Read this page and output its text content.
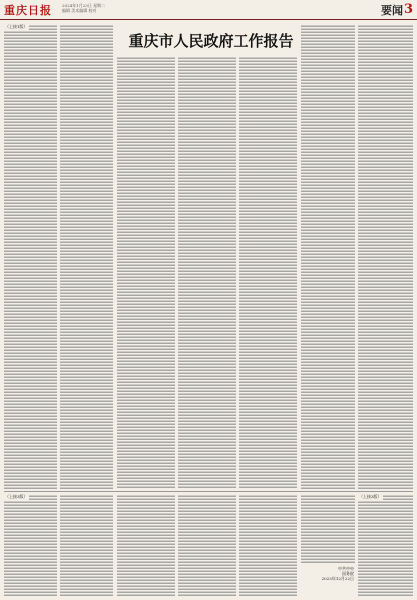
重庆日报	2024年1月23日 星期二
编辑 美术编辑 校对	要闻 3
（上接1版）
重庆市人民政府工作报告
（上接3版）
中共中央
国务院
2023年12月22日
（上接3版）
